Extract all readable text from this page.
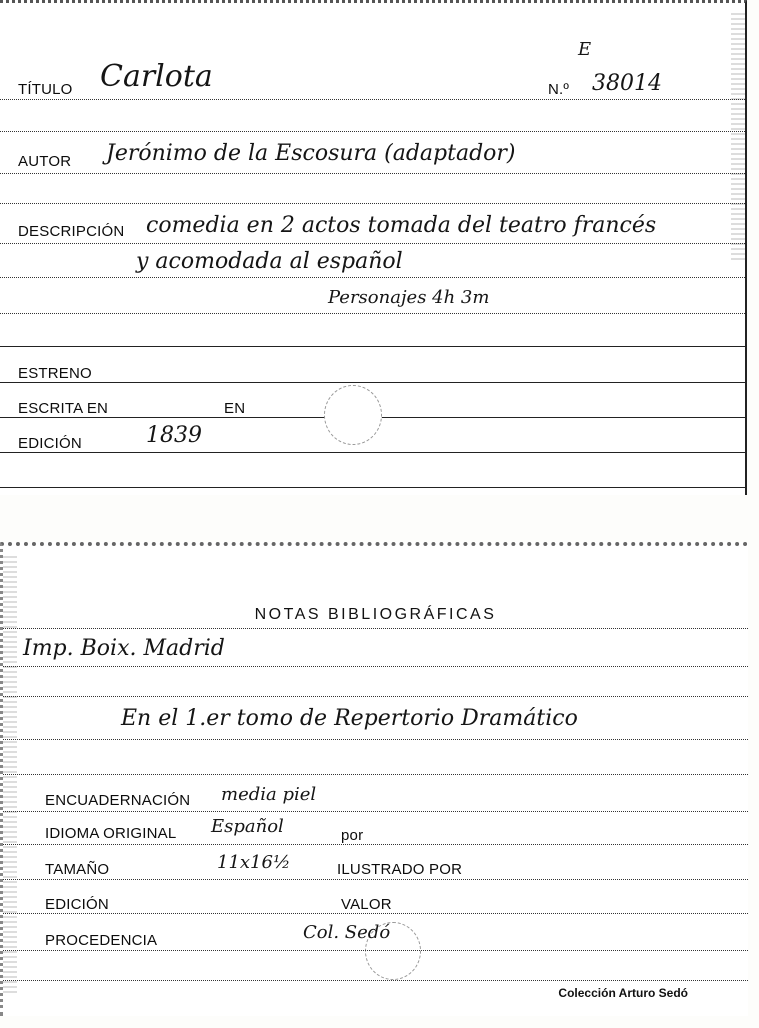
E
TÍTULO Carlota	N.º 38014
AUTOR Jerónimo de la Escosura (adaptador)
DESCRIPCIÓN comedia en 2 actos tomada del teatro francés
y acomodada al español
Personajes 4h 3m
ESTRENO
ESCRITA EN	EN
EDICIÓN	1839
NOTAS BIBLIOGRÁFICAS
Imp. Boix. Madrid
En el 1.er tomo de Repertorio Dramático
ENCUADERNACIÓN media piel
IDIOMA ORIGINAL Español	por
TAMAÑO	11x16½	ILUSTRADO POR
EDICIÓN	VALOR
PROCEDENCIA	Col. Sedó
Colección Arturo Sedó
